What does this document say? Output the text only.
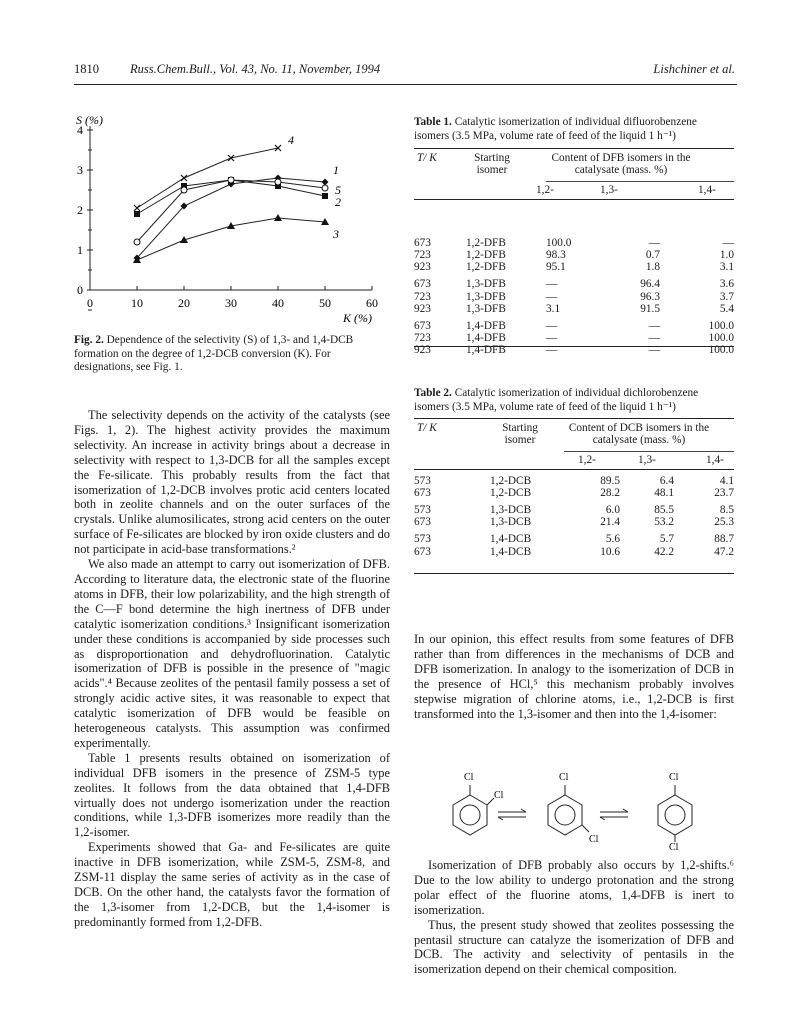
1810 Russ.Chem.Bull., Vol. 43, No. 11, November, 1994	Lishchiner et al.
0	10	20	30	40	50	60
0
1
2
3
4
S (%)
K (%)
1
2
3
4
5
Fig. 2. Dependence of the selectivity (S) of 1,3- and 1,4-DCB formation on the degree of 1,2-DCB conversion (K). For designations, see Fig. 1.

The selectivity depends on the activity of the catalysts (see Figs. 1, 2). The highest activity provides the maximum selectivity. An increase in activity brings about a decrease in selectivity with respect to 1,3-DCB for all the samples except the Fe-silicate. This probably results from the fact that isomerization of 1,2-DCB involves protic acid centers located both in zeolite channels and on the outer surfaces of the crystals. Unlike alumosilicates, strong acid centers on the outer surface of Fe-silicates are blocked by iron oxide clusters and do not participate in acid-base transformations.²

We also made an attempt to carry out isomerization of DFB. According to literature data, the electronic state of the fluorine atoms in DFB, their low polarizability, and the high strength of the C—F bond determine the high inertness of DFB under catalytic isomerization conditions.³ Insignificant isomerization under these conditions is accompanied by side processes such as disproportionation and dehydrofluorination. Catalytic isomerization of DFB is possible in the presence of "magic acids".⁴ Because zeolites of the pentasil family possess a set of strongly acidic active sites, it was reasonable to expect that catalytic isomerization of DFB would be feasible on heterogeneous catalysts. This assumption was confirmed experimentally.

Table 1 presents results obtained on isomerization of individual DFB isomers in the presence of ZSM-5 type zeolites. It follows from the data obtained that 1,4-DFB virtually does not undergo isomerization under the reaction conditions, while 1,3-DFB isomerizes more readily than the 1,2-isomer.

Experiments showed that Ga- and Fe-silicates are quite inactive in DFB isomerization, while ZSM-5, ZSM-8, and ZSM-11 display the same series of activity as in the case of DCB. On the other hand, the catalysts favor the formation of the 1,3-isomer from 1,2-DCB, but the 1,4-isomer is predominantly formed from 1,2-DFB.

Table 1. Catalytic isomerization of individual difluorobenzene isomers (3.5 MPa, volume rate of feed of the liquid 1 h⁻¹)
T/ K	Starting isomer
Content of DFB isomers in the catalysate (mass. %)
1,2-	1,3-	1,4-
673	1,2-DFB	100.0	—	—
723	1,2-DFB	98.3	0.7	1.0
923	1,2-DFB	95.1	1.8	3.1
673	1,3-DFB	—	96.4	3.6
723	1,3-DFB	—	96.3	3.7
923	1,3-DFB	3.1	91.5	5.4
673	1,4-DFB	—	—	100.0
723	1,4-DFB	—	—	100.0
923	1,4-DFB	—	—	100.0
Table 2. Catalytic isomerization of individual dichlorobenzene isomers (3.5 MPa, volume rate of feed of the liquid 1 h⁻¹)
T/ K	Starting isomer
Content of DCB isomers in the catalysate (mass. %)
1,2-	1,3-	1,4-
573	1,2-DCB	89.5	6.4	4.1
673	1,2-DCB	28.2	48.1	23.7
573	1,3-DCB	6.0	85.5	8.5
673	1,3-DCB	21.4	53.2	25.3
573	1,4-DCB	5.6	5.7	88.7
673	1,4-DCB	10.6	42.2	47.2
In our opinion, this effect results from some features of DFB rather than from differences in the mechanisms of DCB and DFB isomerization. In analogy to the isomerization of DCB in the presence of HCl,⁵ this mechanism probably involves stepwise migration of chlorine atoms, i.e., 1,2-DCB is first transformed into the 1,3-isomer and then into the 1,4-isomer:
Cl
Cl
Cl
Cl
Cl
Cl

Isomerization of DFB probably also occurs by 1,2-shifts.⁶ Due to the low ability to undergo protonation and the strong polar effect of the fluorine atoms, 1,4-DFB is inert to isomerization.

Thus, the present study showed that zeolites possessing the pentasil structure can catalyze the isomerization of DFB and DCB. The activity and selectivity of pentasils in the isomerization depend on their chemical composition.
